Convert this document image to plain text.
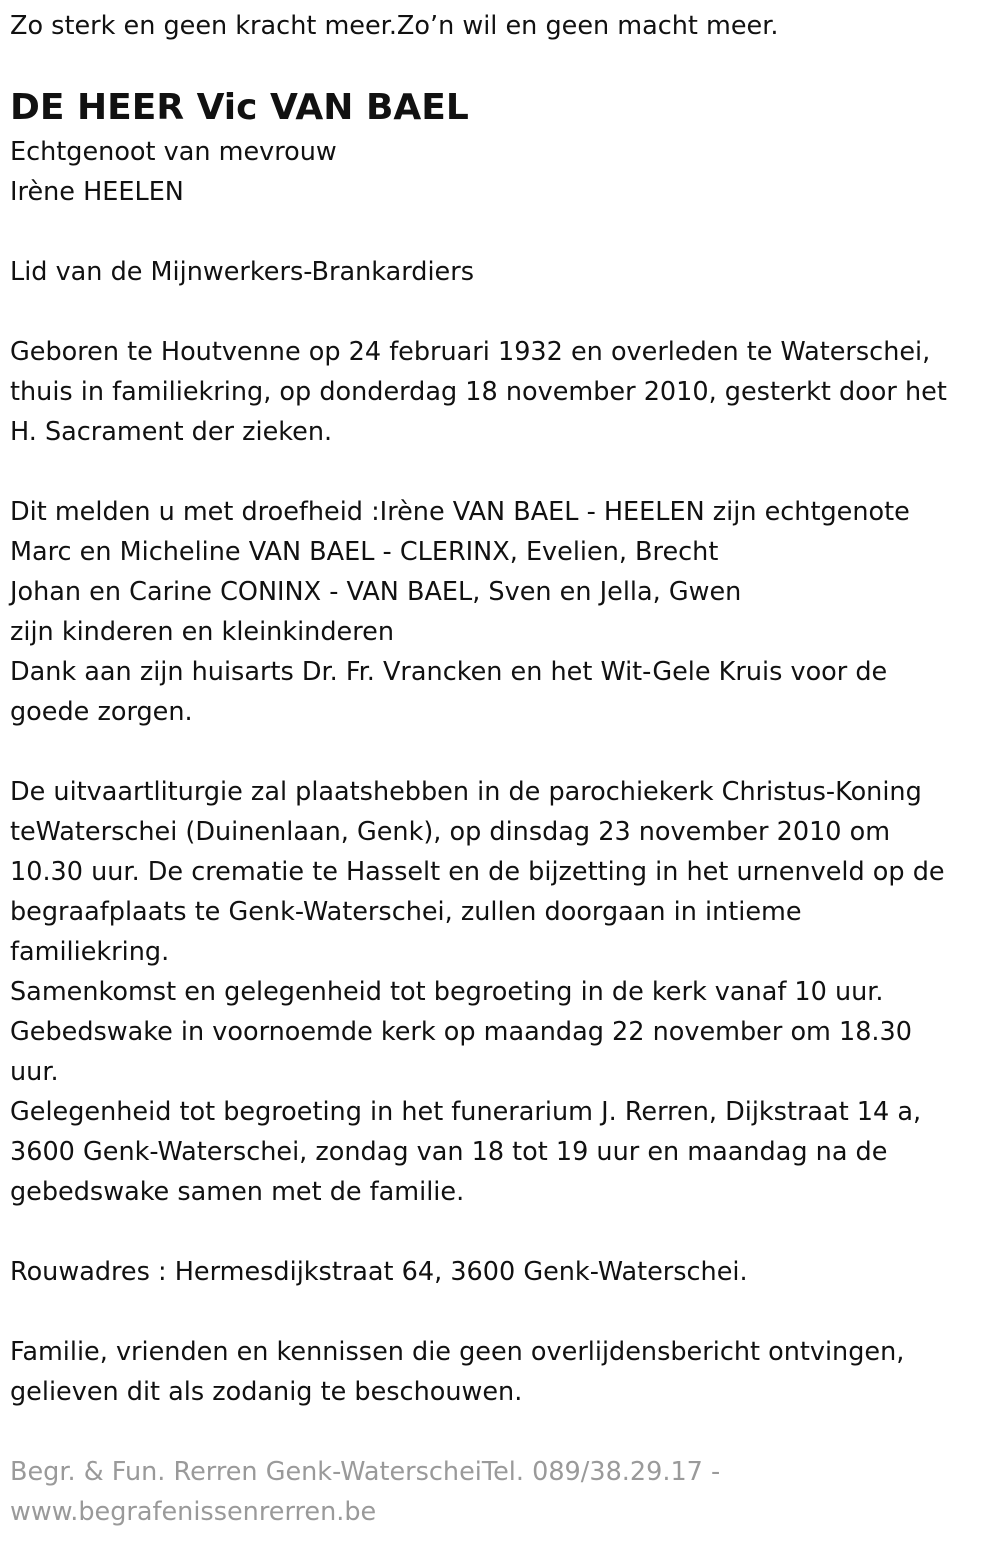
Zo sterk en geen kracht meer.Zo’n wil en geen macht meer.

DE HEER Vic VAN BAEL

Echtgenoot van mevrouw

Irène HEELEN

Lid van de Mijnwerkers-Brankardiers

Geboren te Houtvenne op 24 februari 1932 en overleden te Waterschei,

thuis in familiekring, op donderdag 18 november 2010, gesterkt door het

H. Sacrament der zieken.

Dit melden u met droefheid :Irène VAN BAEL - HEELEN zijn echtgenote

Marc en Micheline VAN BAEL - CLERINX, Evelien, Brecht

Johan en Carine CONINX - VAN BAEL, Sven en Jella, Gwen

zijn kinderen en kleinkinderen

Dank aan zijn huisarts Dr. Fr. Vrancken en het Wit-Gele Kruis voor de

goede zorgen.

De uitvaartliturgie zal plaatshebben in de parochiekerk Christus-Koning

teWaterschei (Duinenlaan, Genk), op dinsdag 23 november 2010 om

10.30 uur. De crematie te Hasselt en de bijzetting in het urnenveld op de

begraafplaats te Genk-Waterschei, zullen doorgaan in intieme

familiekring.

Samenkomst en gelegenheid tot begroeting in de kerk vanaf 10 uur.

Gebedswake in voornoemde kerk op maandag 22 november om 18.30

uur.

Gelegenheid tot begroeting in het funerarium J. Rerren, Dijkstraat 14 a,

3600 Genk-Waterschei, zondag van 18 tot 19 uur en maandag na de

gebedswake samen met de familie.

Rouwadres : Hermesdijkstraat 64, 3600 Genk-Waterschei.

Familie, vrienden en kennissen die geen overlijdensbericht ontvingen,

gelieven dit als zodanig te beschouwen.

Begr. & Fun. Rerren Genk-WaterscheiTel. 089/38.29.17 -

www.begrafenissenrerren.be
